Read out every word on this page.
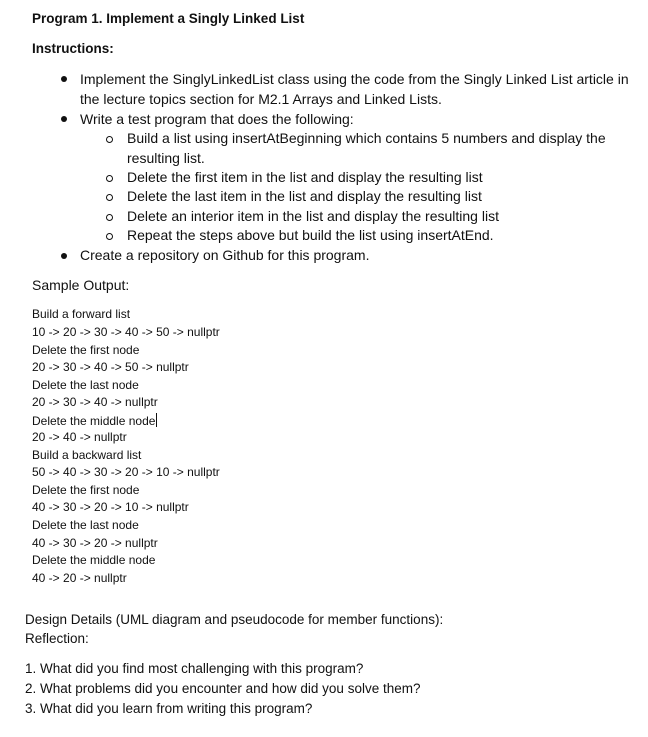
Program 1. Implement a Singly Linked List
Instructions:
Implement the SinglyLinkedList class using the code from the Singly Linked List article in
the lecture topics section for M2.1 Arrays and Linked Lists.
Write a test program that does the following:
Build a list using insertAtBeginning which contains 5 numbers and display the
resulting list.
Delete the first item in the list and display the resulting list
Delete the last item in the list and display the resulting list
Delete an interior item in the list and display the resulting list
Repeat the steps above but build the list using insertAtEnd.
Create a repository on Github for this program.
Sample Output:
Build a forward list
10 -> 20 -> 30 -> 40 -> 50 -> nullptr
Delete the first node
20 -> 30 -> 40 -> 50 -> nullptr
Delete the last node
20 -> 30 -> 40 -> nullptr
Delete the middle node
20 -> 40 -> nullptr
Build a backward list
50 -> 40 -> 30 -> 20 -> 10 -> nullptr
Delete the first node
40 -> 30 -> 20 -> 10 -> nullptr
Delete the last node
40 -> 30 -> 20 -> nullptr
Delete the middle node
40 -> 20 -> nullptr
Design Details (UML diagram and pseudocode for member functions):
Reflection:
1. What did you find most challenging with this program?
2. What problems did you encounter and how did you solve them?
3. What did you learn from writing this program?
